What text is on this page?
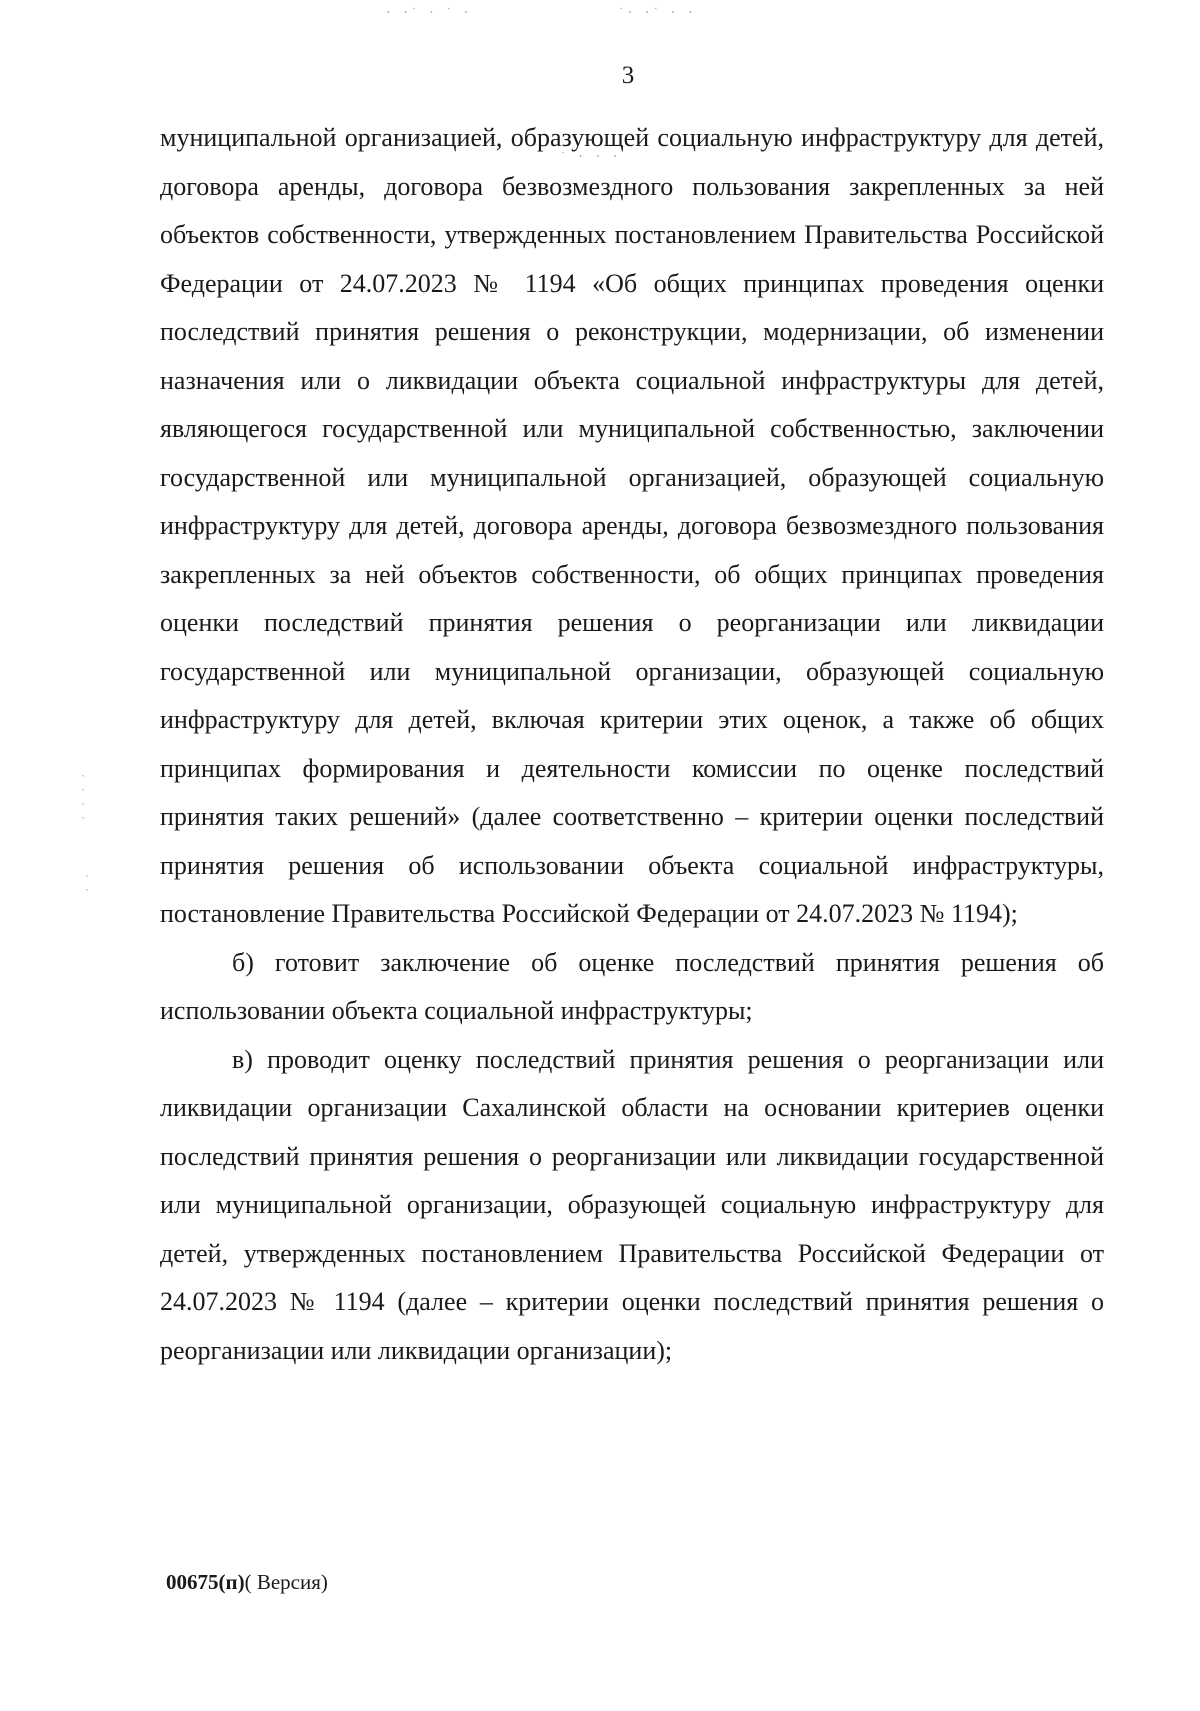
· ·˙ · ˙ ·	˙· ·˙ · ·
˙ · · ·
3

муниципальной организацией, образующей социальную инфраструктуру для детей, договора аренды, договора безвозмездного пользования закрепленных за ней объектов собственности, утвержденных постановлением Правительства Российской Федерации от 24.07.2023 № 1194 «Об общих принципах проведения оценки последствий принятия решения о реконструкции, модернизации, об изменении назначения или о ликвидации объекта социальной инфраструктуры для детей, являющегося государственной или муниципальной собственностью, заключении государственной или муниципальной организацией, образующей социальную инфраструктуру для детей, договора аренды, договора безвозмездного пользования закрепленных за ней объектов собственности, об общих принципах проведения оценки последствий принятия решения о реорганизации или ликвидации государственной или муниципальной организации, образующей социальную инфраструктуру для детей, включая критерии этих оценок, а также об общих принципах формирования и деятельности комиссии по оценке последствий принятия таких решений» (далее соответственно – критерии оценки последствий принятия решения об использовании объекта социальной инфраструктуры, постановление Правительства Российской Федерации от 24.07.2023 № 1194);

б) готовит заключение об оценке последствий принятия решения об использовании объекта социальной инфраструктуры;

в) проводит оценку последствий принятия решения о реорганизации или ликвидации организации Сахалинской области на основании критериев оценки последствий принятия решения о реорганизации или ликвидации государственной или муниципальной организации, образующей социальную инфраструктуру для детей, утвержденных постановлением Правительства Российской Федерации от 24.07.2023 № 1194 (далее – критерии оценки последствий принятия решения о реорганизации или ликвидации организации);

·
·
·
·
·
·
00675(п)( Версия)
